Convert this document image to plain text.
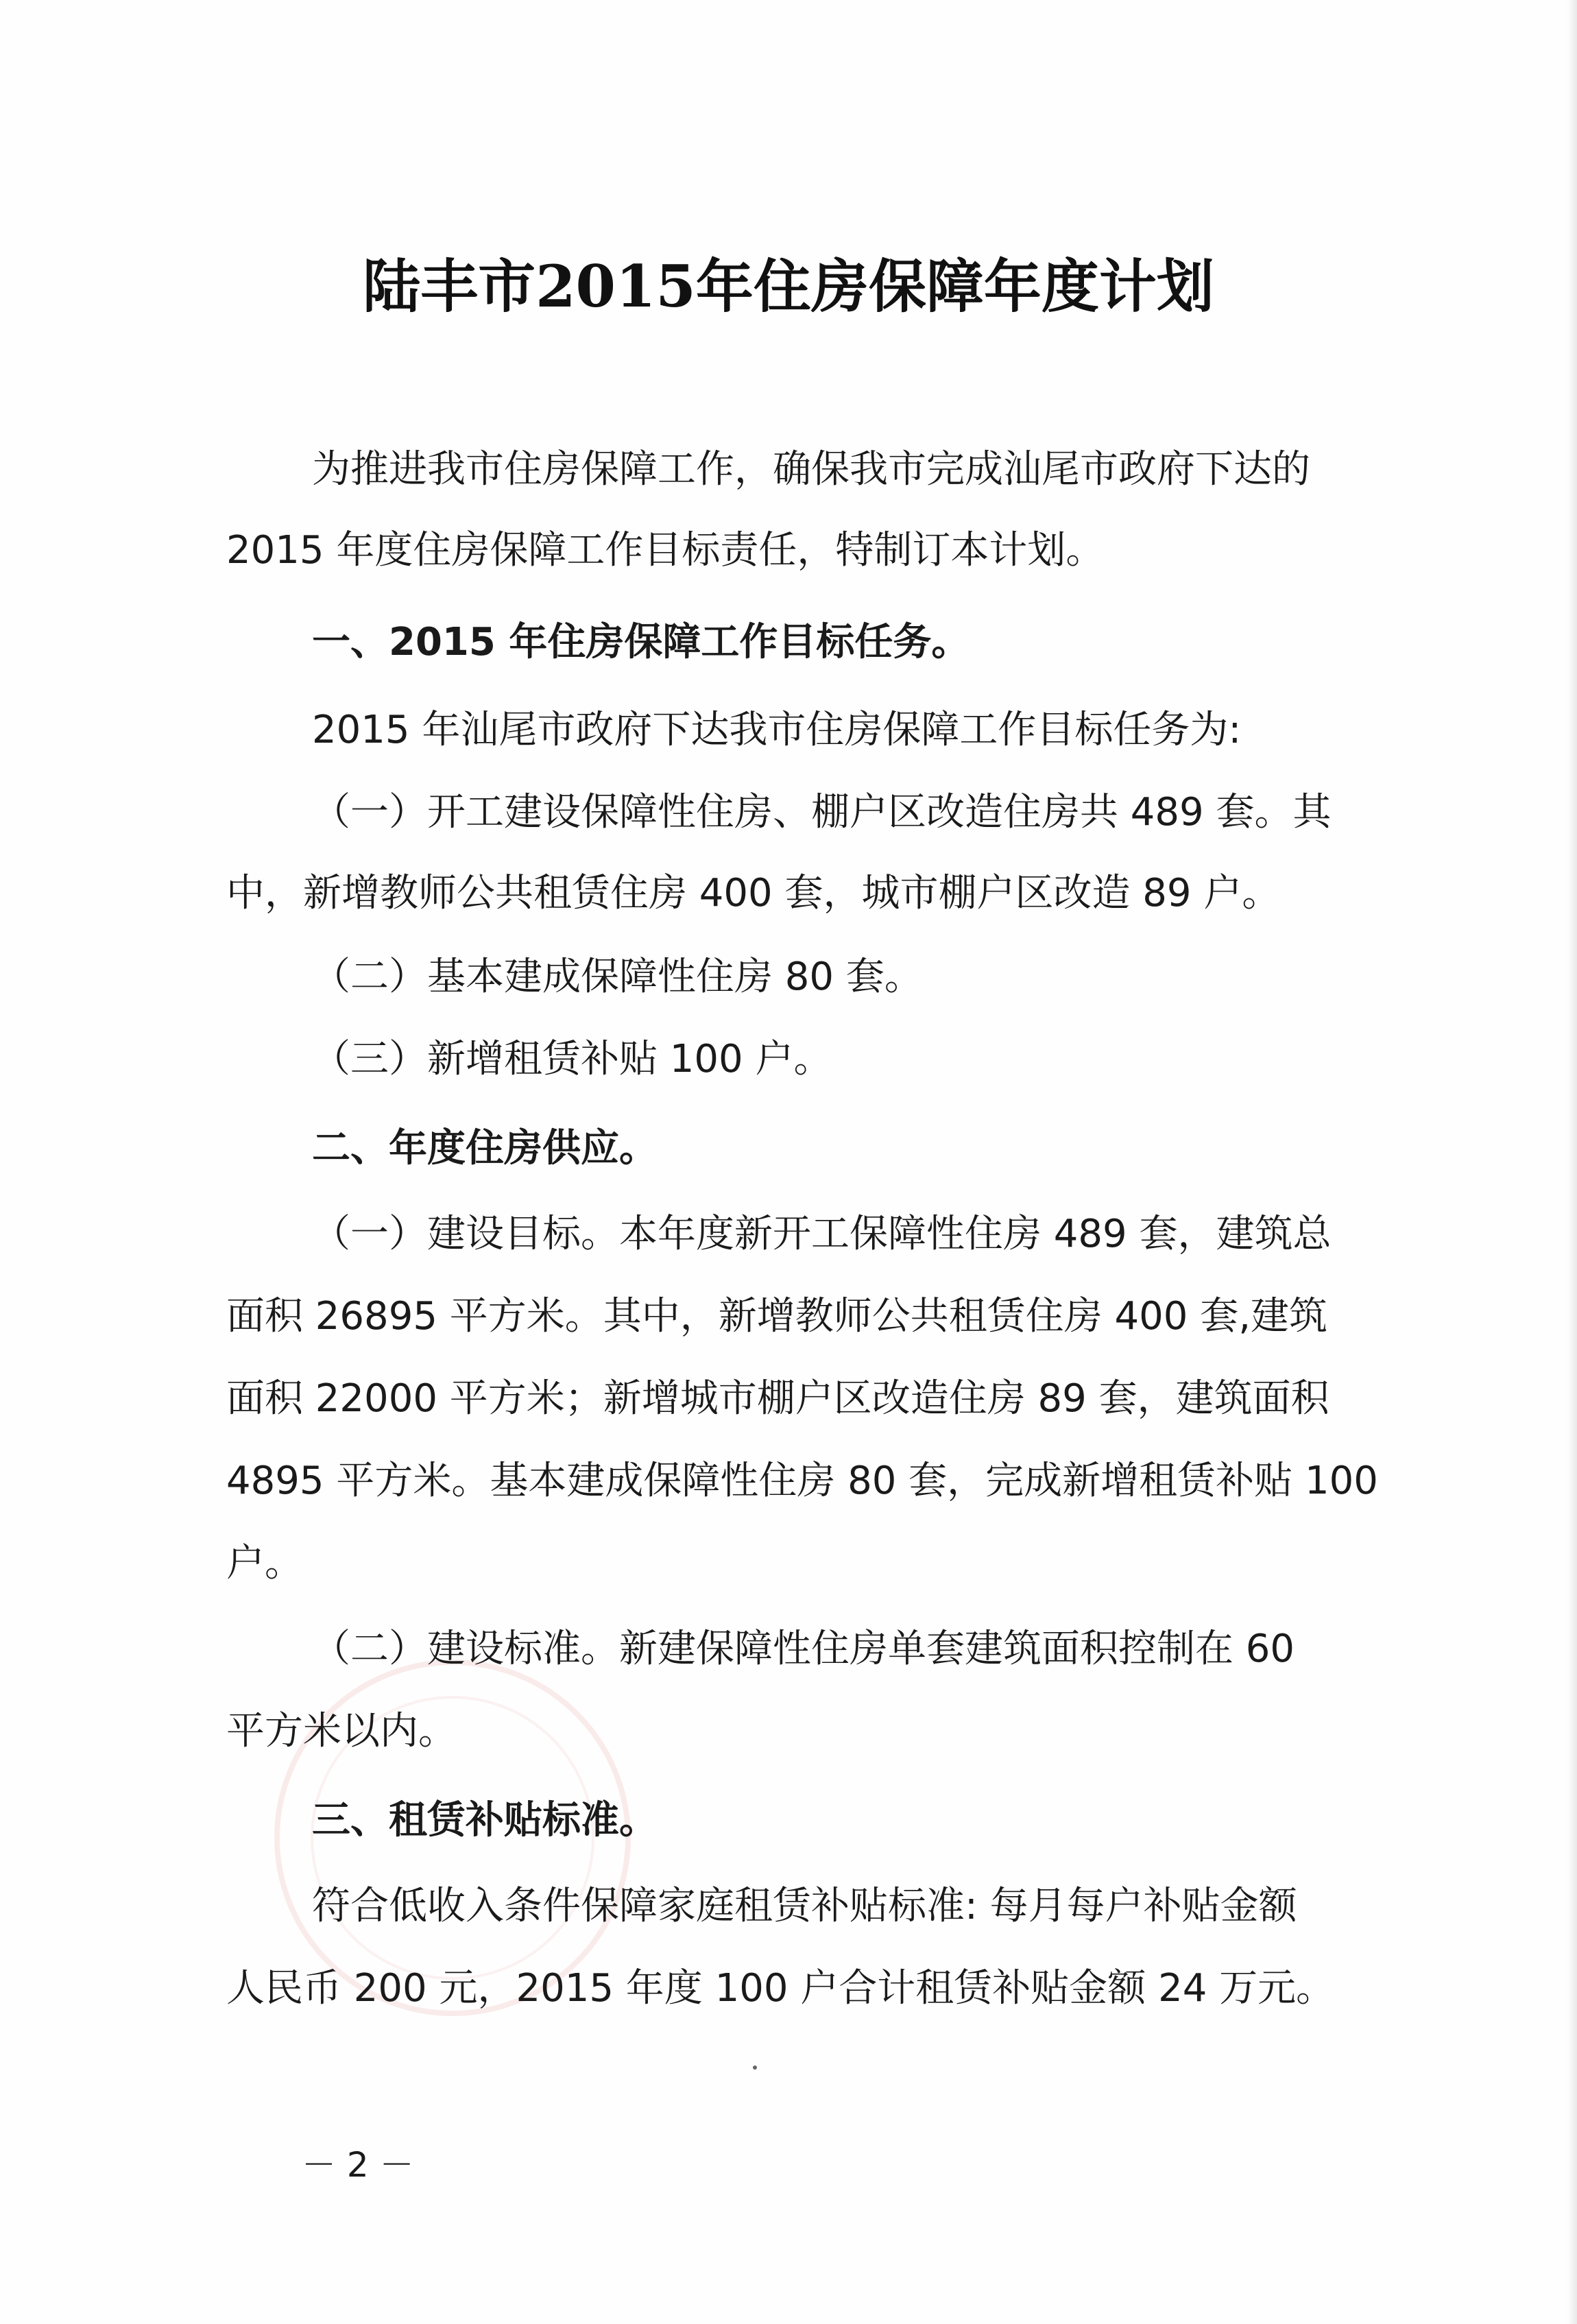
陆丰市2015年住房保障年度计划
为推进我市住房保障工作，确保我市完成汕尾市政府下达的
2015 年度住房保障工作目标责任，特制订本计划。
一、2015 年住房保障工作目标任务。
2015 年汕尾市政府下达我市住房保障工作目标任务为:
（一）开工建设保障性住房、棚户区改造住房共 489 套。其
中，新增教师公共租赁住房 400 套，城市棚户区改造 89 户。
（二）基本建成保障性住房 80 套。
（三）新增租赁补贴 100 户。
二、年度住房供应。
（一）建设目标。本年度新开工保障性住房 489 套，建筑总
面积 26895 平方米。其中，新增教师公共租赁住房 400 套,建筑
面积 22000 平方米；新增城市棚户区改造住房 89 套，建筑面积
4895 平方米。基本建成保障性住房 80 套，完成新增租赁补贴 100
户。
（二）建设标准。新建保障性住房单套建筑面积控制在 60
平方米以内。
三、租赁补贴标准。
符合低收入条件保障家庭租赁补贴标准: 每月每户补贴金额
人民币 200 元，2015 年度 100 户合计租赁补贴金额 24 万元。
－ 2 －
